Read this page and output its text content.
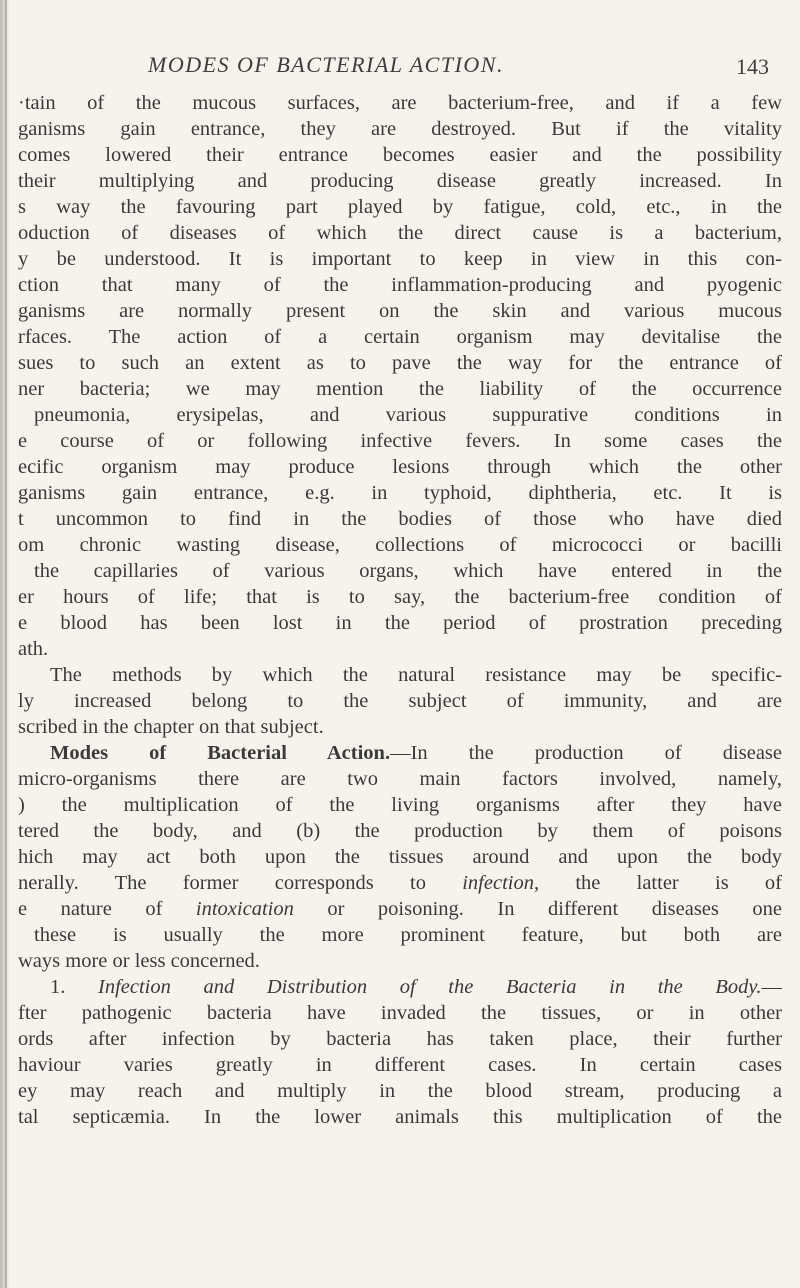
MODES OF BACTERIAL ACTION.	143
·tain of the mucous surfaces, are bacterium-free, and if a few
ganisms gain entrance, they are destroyed. But if the vitality
comes lowered their entrance becomes easier and the possibility
their multiplying and producing disease greatly increased. In
s way the favouring part played by fatigue, cold, etc., in the
oduction of diseases of which the direct cause is a bacterium,
y be understood. It is important to keep in view in this con-
ction that many of the inflammation-producing and pyogenic
ganisms are normally present on the skin and various mucous
rfaces. The action of a certain organism may devitalise the
sues to such an extent as to pave the way for the entrance of
ner bacteria; we may mention the liability of the occurrence
pneumonia, erysipelas, and various suppurative conditions in
e course of or following infective fevers. In some cases the
ecific organism may produce lesions through which the other
ganisms gain entrance, e.g. in typhoid, diphtheria, etc. It is
t uncommon to find in the bodies of those who have died
om chronic wasting disease, collections of micrococci or bacilli
the capillaries of various organs, which have entered in the
er hours of life; that is to say, the bacterium-free condition of
e blood has been lost in the period of prostration preceding
ath.
The methods by which the natural resistance may be specific-
ly increased belong to the subject of immunity, and are
scribed in the chapter on that subject.
Modes of Bacterial Action.—In the production of disease
micro-organisms there are two main factors involved, namely,
) the multiplication of the living organisms after they have
tered the body, and (b) the production by them of poisons
hich may act both upon the tissues around and upon the body
nerally. The former corresponds to infection, the latter is of
e nature of intoxication or poisoning. In different diseases one
these is usually the more prominent feature, but both are
ways more or less concerned.
1. Infection and Distribution of the Bacteria in the Body.—
fter pathogenic bacteria have invaded the tissues, or in other
ords after infection by bacteria has taken place, their further
haviour varies greatly in different cases. In certain cases
ey may reach and multiply in the blood stream, producing a
tal septicæmia. In the lower animals this multiplication of the
